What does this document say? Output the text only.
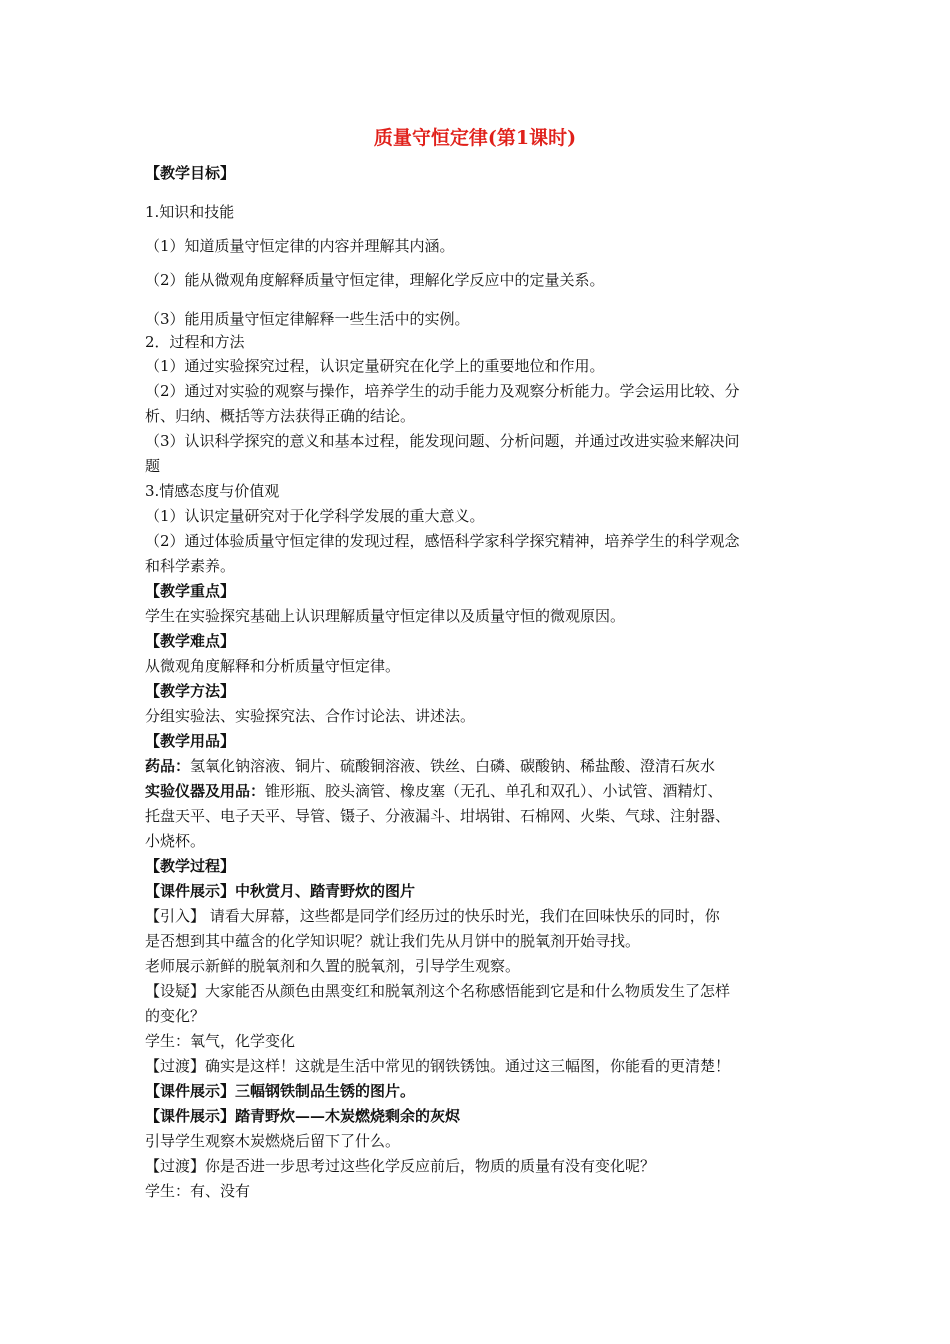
质量守恒定律(第1课时)
【教学目标】
1.知识和技能
（1）知道质量守恒定律的内容并理解其内涵。
（2）能从微观角度解释质量守恒定律，理解化学反应中的定量关系。
（3）能用质量守恒定律解释一些生活中的实例。
2．过程和方法
（1）通过实验探究过程，认识定量研究在化学上的重要地位和作用。
（2）通过对实验的观察与操作，培养学生的动手能力及观察分析能力。学会运用比较、分
析、归纳、概括等方法获得正确的结论。
（3）认识科学探究的意义和基本过程，能发现问题、分析问题，并通过改进实验来解决问
题
3.情感态度与价值观
（1）认识定量研究对于化学科学发展的重大意义。
（2）通过体验质量守恒定律的发现过程，感悟科学家科学探究精神，培养学生的科学观念
和科学素养。
【教学重点】
学生在实验探究基础上认识理解质量守恒定律以及质量守恒的微观原因。
【教学难点】
从微观角度解释和分析质量守恒定律。
【教学方法】
分组实验法、实验探究法、合作讨论法、讲述法。
【教学用品】
药品：氢氧化钠溶液、铜片、硫酸铜溶液、铁丝、白磷、碳酸钠、稀盐酸、澄清石灰水
实验仪器及用品：锥形瓶、胶头滴管、橡皮塞（无孔、单孔和双孔）、小试管、酒精灯、
托盘天平、电子天平、导管、镊子、分液漏斗、坩埚钳、石棉网、火柴、气球、注射器、
小烧杯。
【教学过程】
【课件展示】中秋赏月、踏青野炊的图片
【引入】 请看大屏幕，这些都是同学们经历过的快乐时光，我们在回味快乐的同时，你
是否想到其中蕴含的化学知识呢？就让我们先从月饼中的脱氧剂开始寻找。
老师展示新鲜的脱氧剂和久置的脱氧剂，引导学生观察。
【设疑】大家能否从颜色由黑变红和脱氧剂这个名称感悟能到它是和什么物质发生了怎样
的变化？
学生：氧气，化学变化
【过渡】确实是这样！这就是生活中常见的钢铁锈蚀。通过这三幅图，你能看的更清楚！
【课件展示】三幅钢铁制品生锈的图片。
【课件展示】踏青野炊——木炭燃烧剩余的灰烬
引导学生观察木炭燃烧后留下了什么。
【过渡】你是否进一步思考过这些化学反应前后，物质的质量有没有变化呢？
学生：有、没有
